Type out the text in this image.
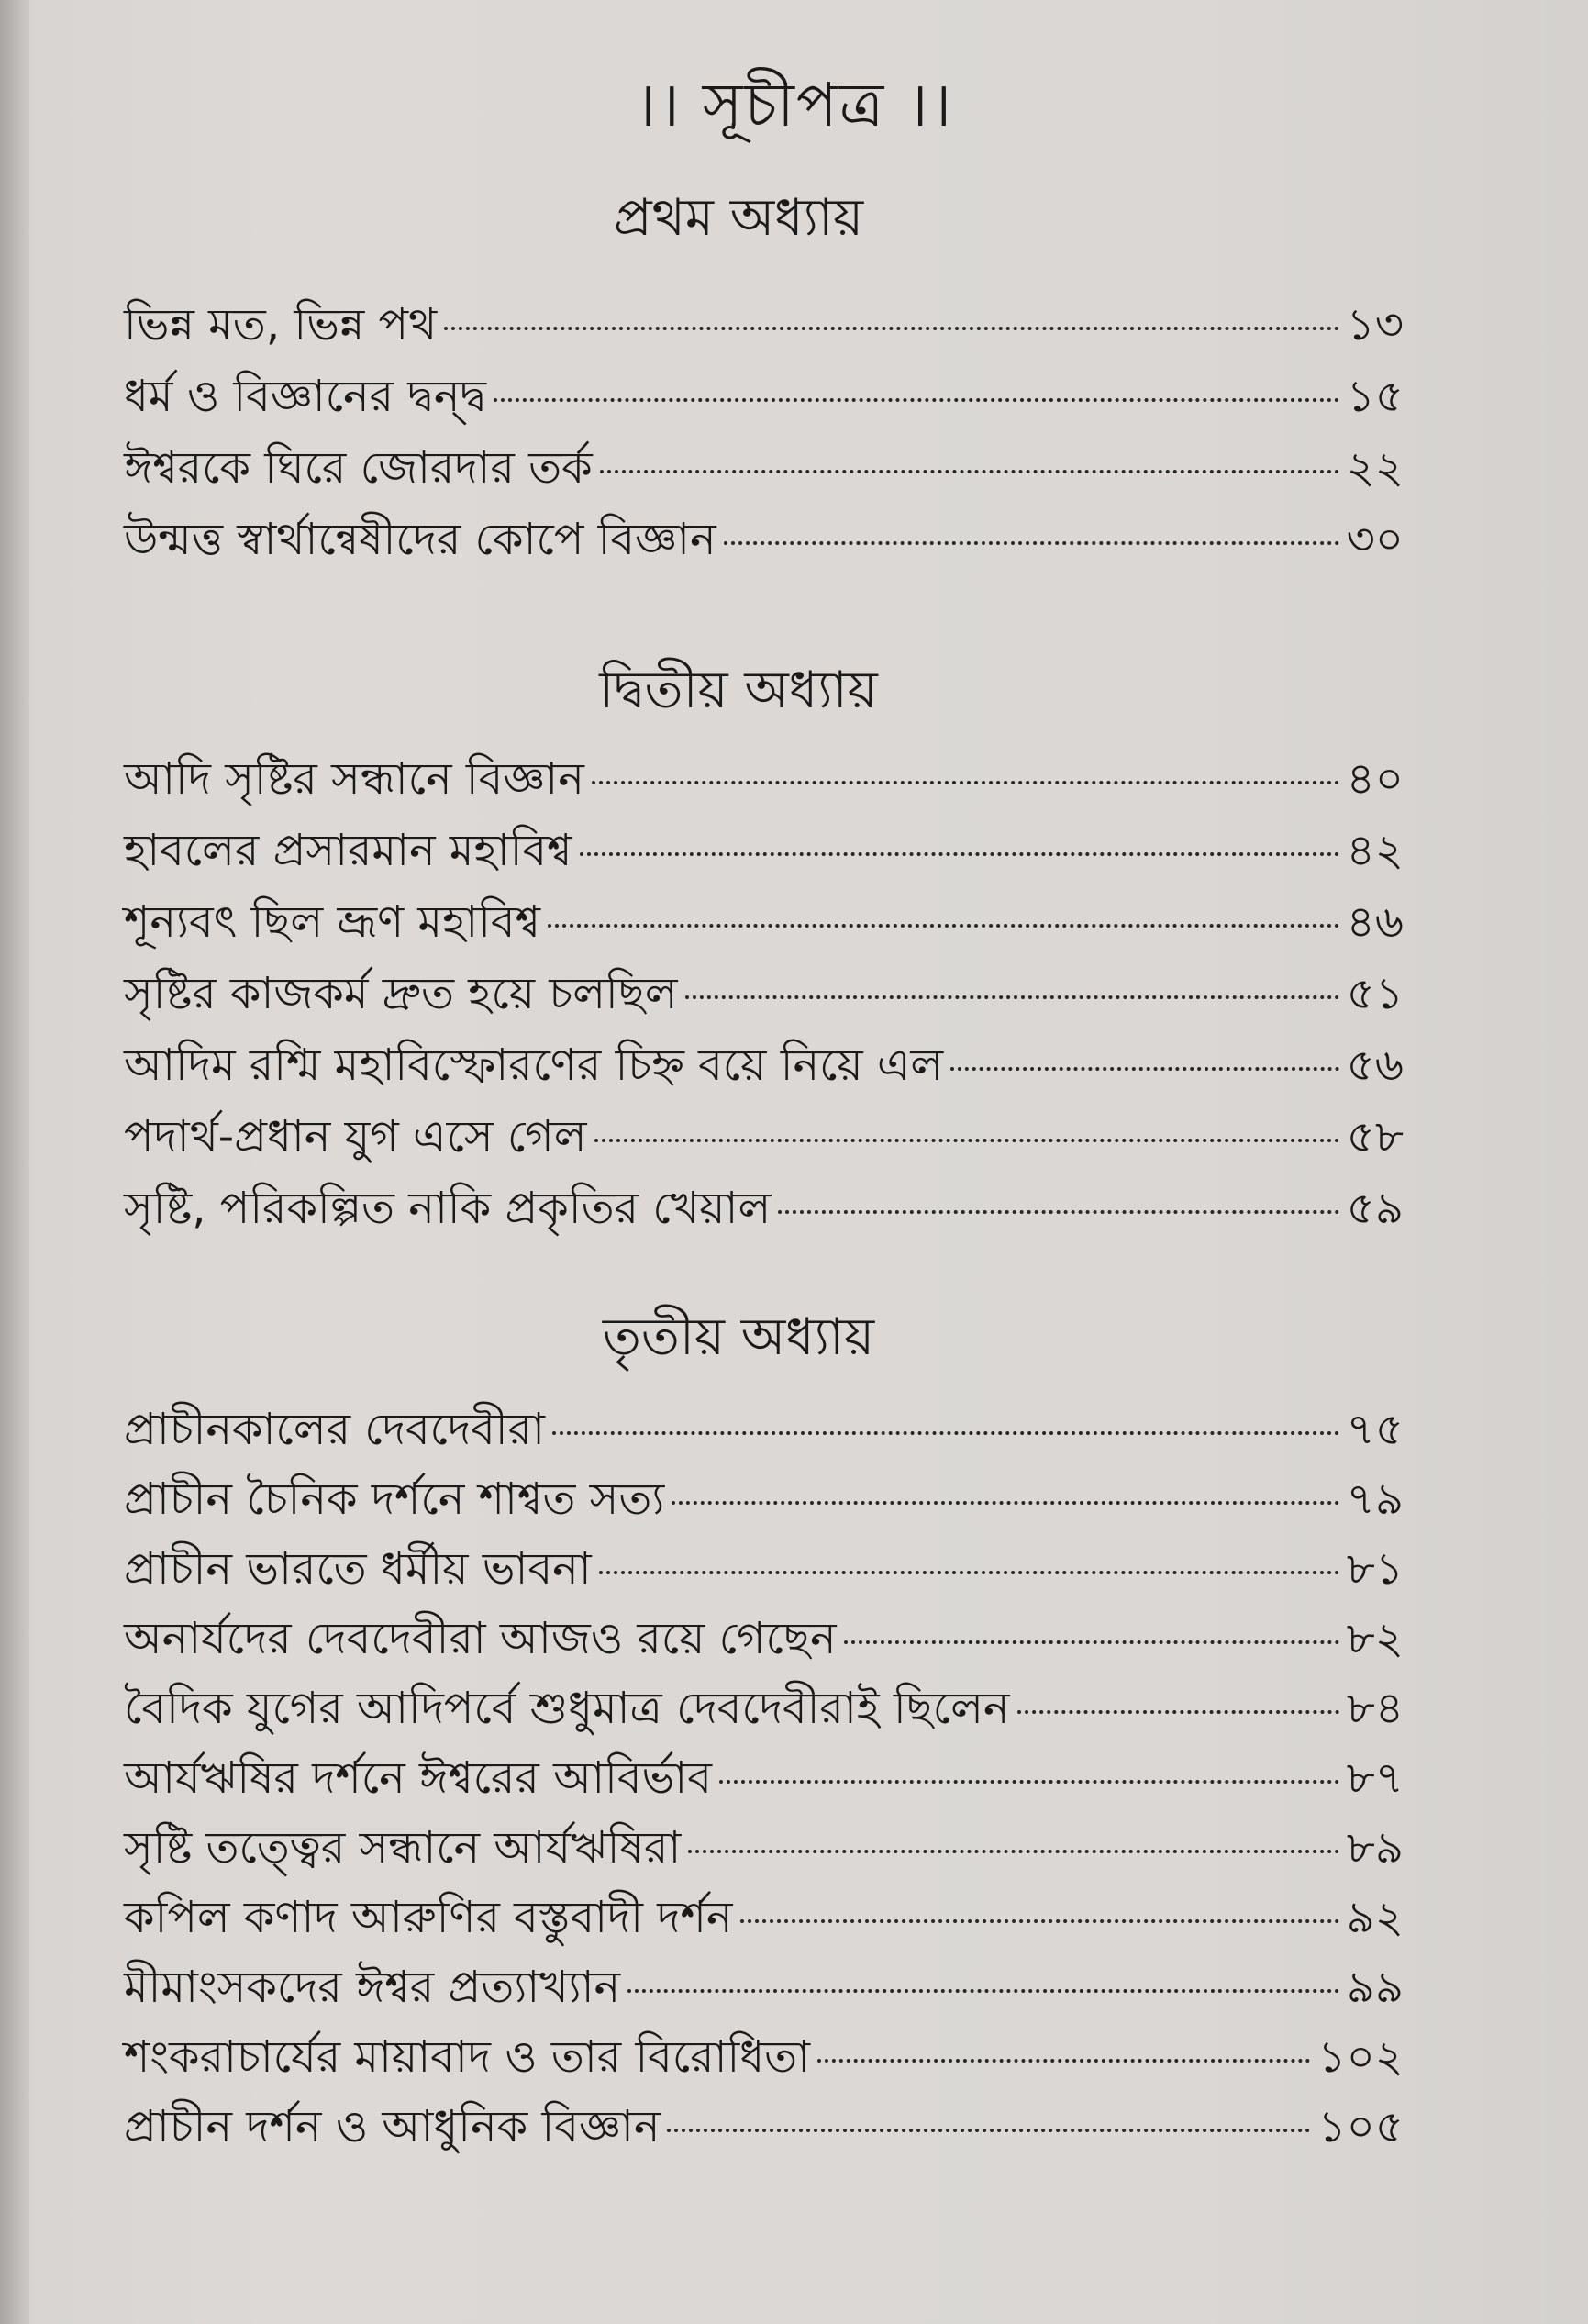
।। সূচীপত্র ।।
প্রথম অধ্যায়
ভিন্ন মত, ভিন্ন পথ	১৩
ধর্ম ও বিজ্ঞানের দ্বন্দ্ব	১৫
ঈশ্বরকে ঘিরে জোরদার তর্ক	২২
উন্মত্ত স্বার্থান্বেষীদের কোপে বিজ্ঞান	৩০
দ্বিতীয় অধ্যায়
আদি সৃষ্টির সন্ধানে বিজ্ঞান	৪০
হাবলের প্রসারমান মহাবিশ্ব	৪২
শূন্যবৎ ছিল ভ্রূণ মহাবিশ্ব	৪৬
সৃষ্টির কাজকর্ম দ্রুত হয়ে চলছিল	৫১
আদিম রশ্মি মহাবিস্ফোরণের চিহ্ন বয়ে নিয়ে এল	৫৬
পদার্থ-প্রধান যুগ এসে গেল	৫৮
সৃষ্টি, পরিকল্পিত নাকি প্রকৃতির খেয়াল	৫৯
তৃতীয় অধ্যায়
প্রাচীনকালের দেবদেবীরা	৭৫
প্রাচীন চৈনিক দর্শনে শাশ্বত সত্য	৭৯
প্রাচীন ভারতে ধর্মীয় ভাবনা	৮১
অনার্যদের দেবদেবীরা আজও রয়ে গেছেন	৮২
বৈদিক যুগের আদিপর্বে শুধুমাত্র দেবদেবীরাই ছিলেন	৮৪
আর্যঋষির দর্শনে ঈশ্বরের আবির্ভাব	৮৭
সৃষ্টি তত্ত্বের সন্ধানে আর্যঋষিরা	৮৯
কপিল কণাদ আরুণির বস্তুবাদী দর্শন	৯২
মীমাংসকদের ঈশ্বর প্রত্যাখ্যান	৯৯
শংকরাচার্যের মায়াবাদ ও তার বিরোধিতা	১০২
প্রাচীন দর্শন ও আধুনিক বিজ্ঞান	১০৫
